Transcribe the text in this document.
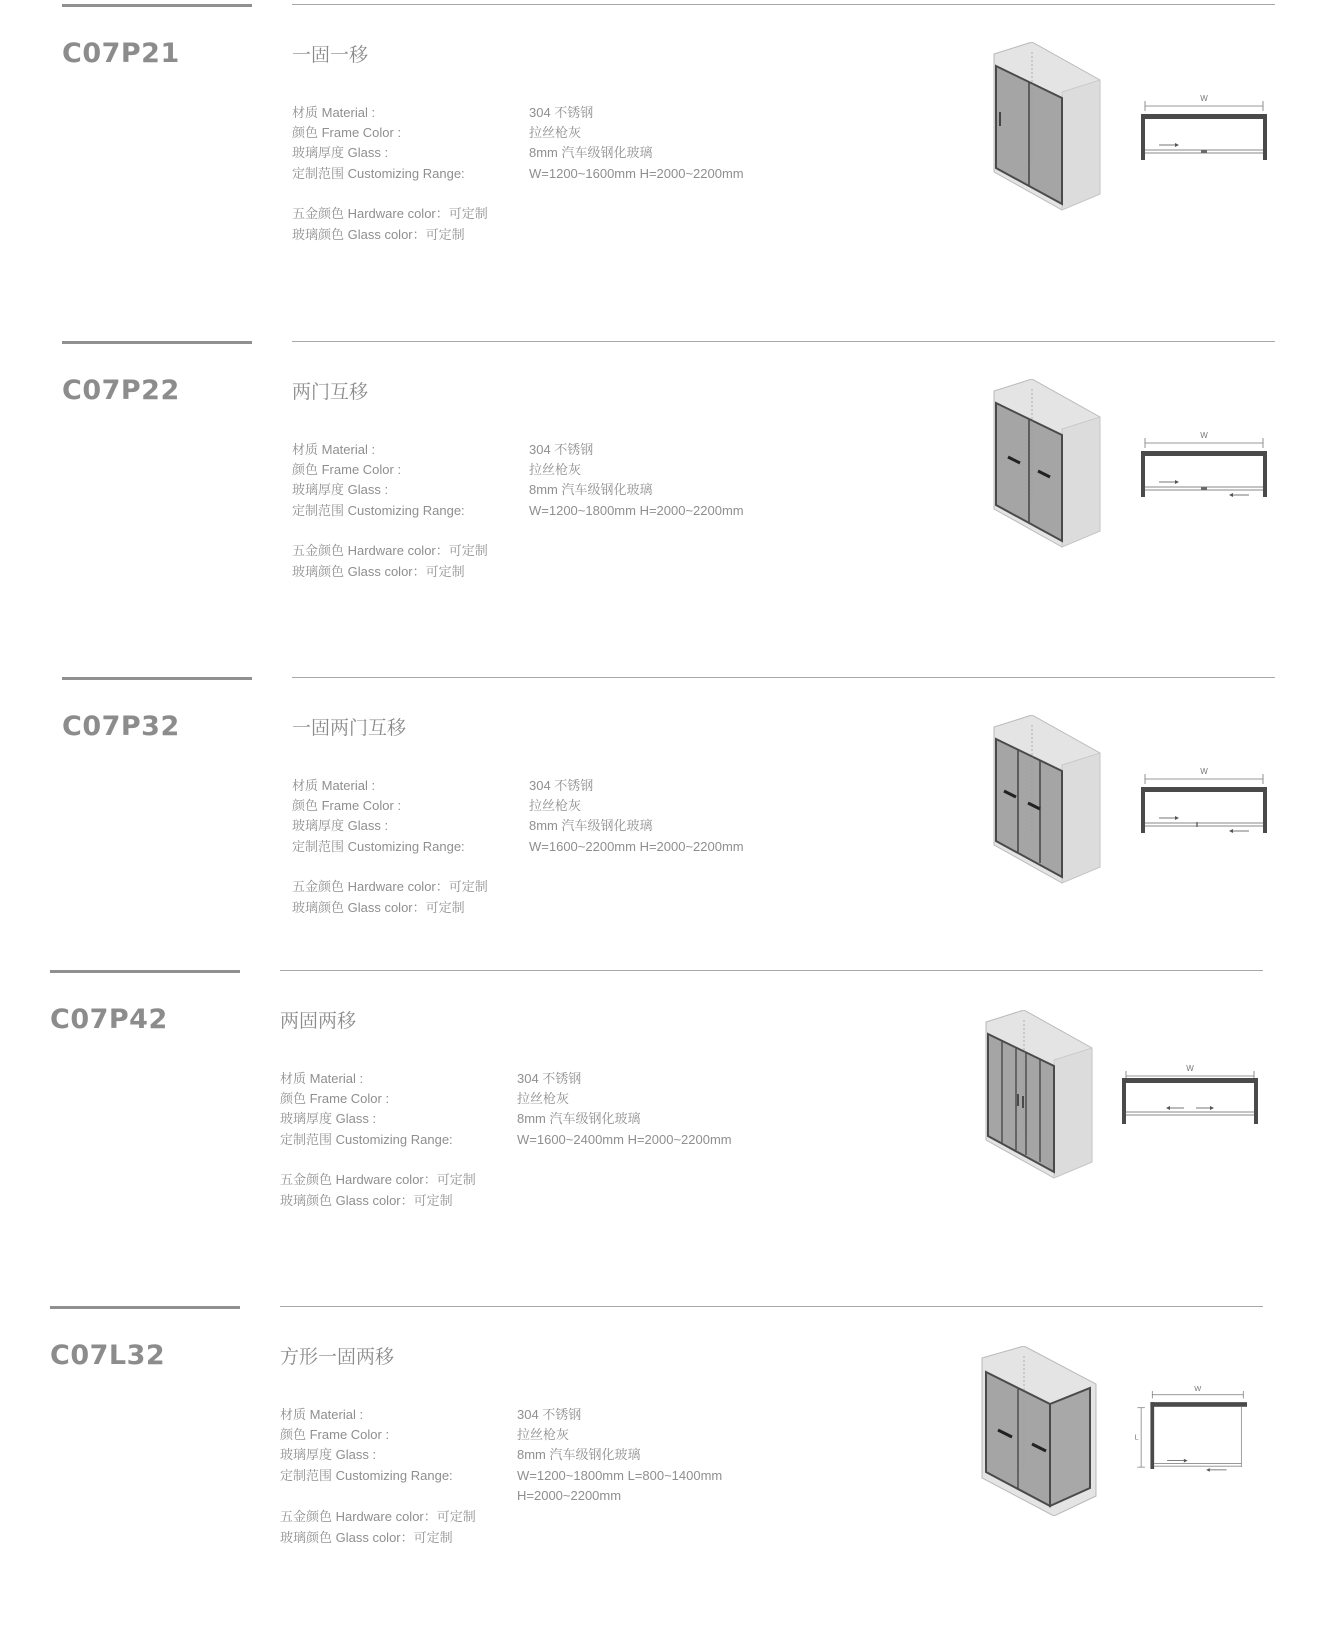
C07P21	一固一移
材质 Material :	304 不锈钢
颜色 Frame Color :	拉丝枪灰
玻璃厚度 Glass :	8mm 汽车级钢化玻璃
定制范围 Customizing Range:	W=1200~1600mm H=2000~2200mm
五金颜色 Hardware color：可定制
玻璃颜色 Glass color：可定制
W
C07P22	两门互移
材质 Material :	304 不锈钢
颜色 Frame Color :	拉丝枪灰
玻璃厚度 Glass :	8mm 汽车级钢化玻璃
定制范围 Customizing Range:	W=1200~1800mm H=2000~2200mm
五金颜色 Hardware color：可定制
玻璃颜色 Glass color：可定制
W
C07P32	一固两门互移
材质 Material :	304 不锈钢
颜色 Frame Color :	拉丝枪灰
玻璃厚度 Glass :	8mm 汽车级钢化玻璃
定制范围 Customizing Range:	W=1600~2200mm H=2000~2200mm
五金颜色 Hardware color：可定制
玻璃颜色 Glass color：可定制
W
C07P42	两固两移
材质 Material :	304 不锈钢
颜色 Frame Color :	拉丝枪灰
玻璃厚度 Glass :	8mm 汽车级钢化玻璃
定制范围 Customizing Range:	W=1600~2400mm H=2000~2200mm
五金颜色 Hardware color：可定制
玻璃颜色 Glass color：可定制
W
C07L32	方形一固两移
材质 Material :	304 不锈钢
颜色 Frame Color :	拉丝枪灰
玻璃厚度 Glass :	8mm 汽车级钢化玻璃
定制范围 Customizing Range:	W=1200~1800mm L=800~1400mm H=2000~2200mm
五金颜色 Hardware color：可定制
玻璃颜色 Glass color：可定制
W
L
